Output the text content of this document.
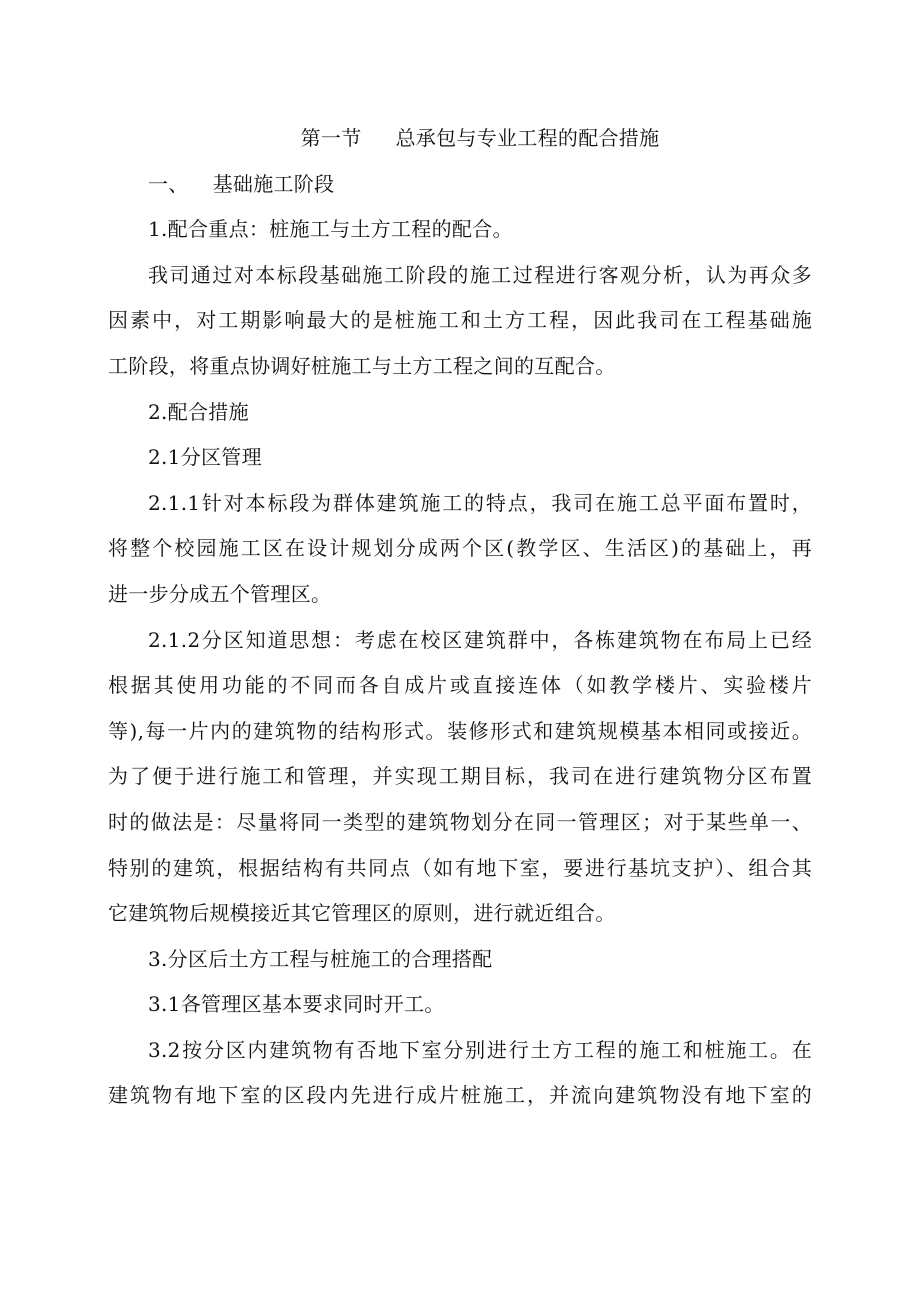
第一节 总承包与专业工程的配合措施
一、 基础施工阶段
1.配合重点：桩施工与土方工程的配合。
我司通过对本标段基础施工阶段的施工过程进行客观分析，认为再众多
因素中，对工期影响最大的是桩施工和土方工程，因此我司在工程基础施
工阶段，将重点协调好桩施工与土方工程之间的互配合。
2.配合措施
2.1分区管理
2.1.1针对本标段为群体建筑施工的特点，我司在施工总平面布置时，
将整个校园施工区在设计规划分成两个区(教学区、生活区)的基础上，再
进一步分成五个管理区。
2.1.2分区知道思想：考虑在校区建筑群中，各栋建筑物在布局上已经
根据其使用功能的不同而各自成片或直接连体（如教学楼片、实验楼片
等),每一片内的建筑物的结构形式。装修形式和建筑规模基本相同或接近。
为了便于进行施工和管理，并实现工期目标，我司在进行建筑物分区布置
时的做法是：尽量将同一类型的建筑物划分在同一管理区；对于某些单一、
特别的建筑，根据结构有共同点（如有地下室，要进行基坑支护）、组合其
它建筑物后规模接近其它管理区的原则，进行就近组合。
3.分区后土方工程与桩施工的合理搭配
3.1各管理区基本要求同时开工。
3.2按分区内建筑物有否地下室分别进行土方工程的施工和桩施工。在
建筑物有地下室的区段内先进行成片桩施工，并流向建筑物没有地下室的
